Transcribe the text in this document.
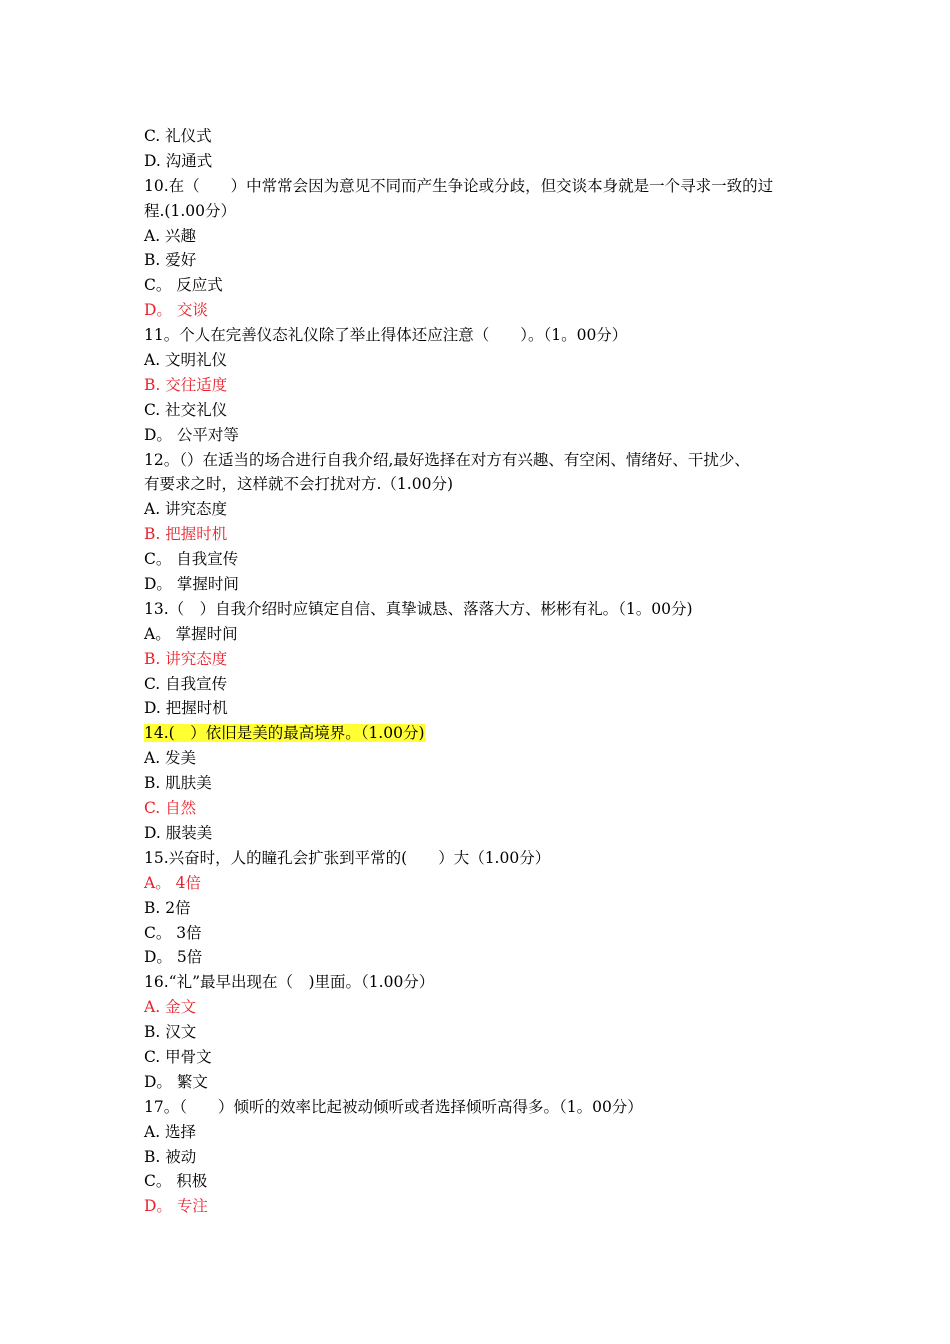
C. 礼仪式
D. 沟通式
10.在（　　）中常常会因为意见不同而产生争论或分歧，但交谈本身就是一个寻求一致的过
程.(1.00分）
A. 兴趣
B. 爱好
C。 反应式
D。 交谈
11。个人在完善仪态礼仪除了举止得体还应注意（　　）。（1。00分）
A. 文明礼仪
B. 交往适度
C. 社交礼仪
D。 公平对等
12。（）在适当的场合进行自我介绍,最好选择在对方有兴趣、有空闲、情绪好、干扰少、
有要求之时，这样就不会打扰对方.（1.00分)
A. 讲究态度
B. 把握时机
C。 自我宣传
D。 掌握时间
13.（　）自我介绍时应镇定自信、真挚诚恳、落落大方、彬彬有礼。（1。00分)
A。 掌握时间
B. 讲究态度
C. 自我宣传
D. 把握时机
14.(　）依旧是美的最高境界。（1.00分)
A. 发美
B. 肌肤美
C. 自然
D. 服装美
15.兴奋时，人的瞳孔会扩张到平常的(　　）大（1.00分）
A。 4倍
B. 2倍
C。 3倍
D。 5倍
16.“礼”最早出现在（　)里面。（1.00分）
A. 金文
B. 汉文
C. 甲骨文
D。 繁文
17。（　　）倾听的效率比起被动倾听或者选择倾听高得多。（1。00分）
A. 选择
B. 被动
C。 积极
D。 专注
